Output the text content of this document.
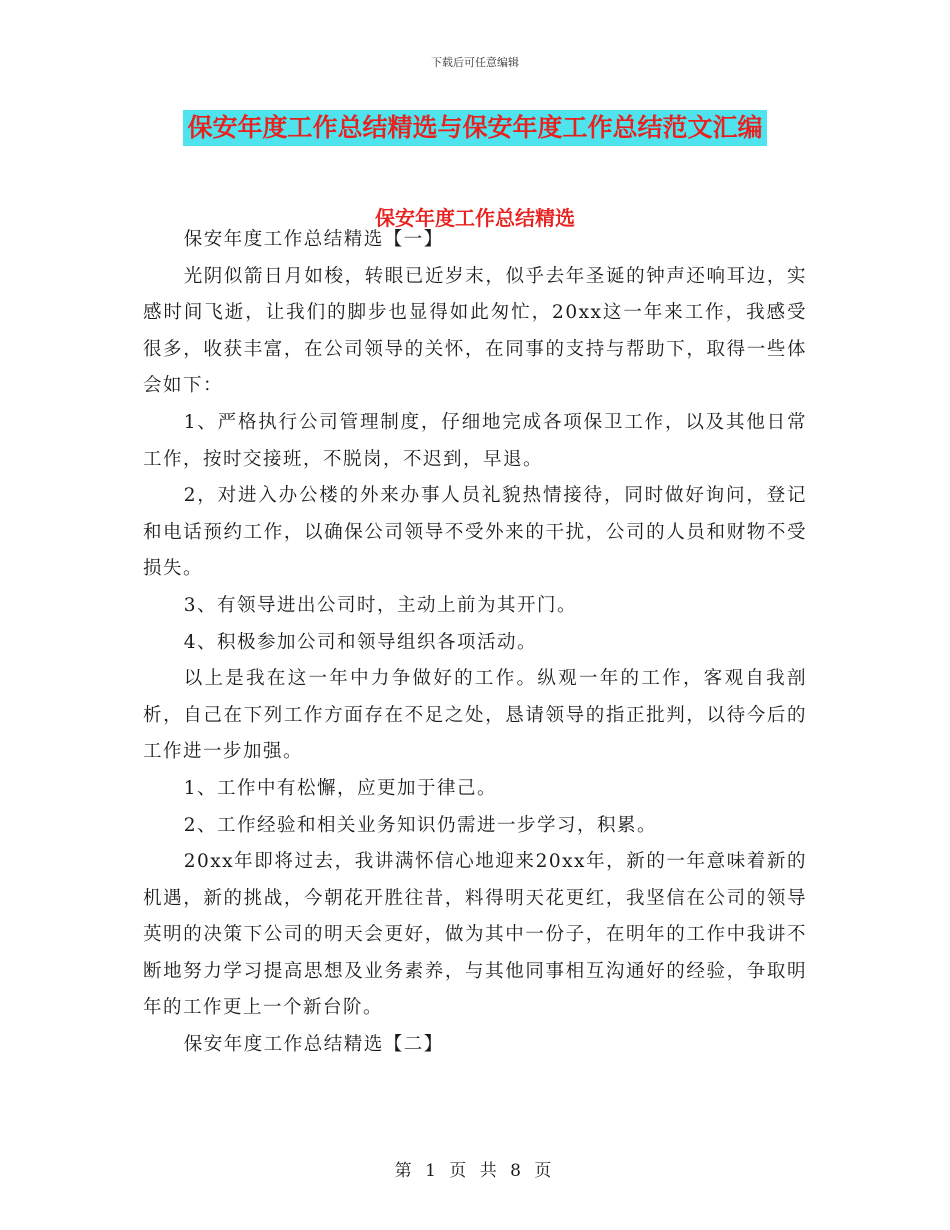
下载后可任意编辑
保安年度工作总结精选与保安年度工作总结范文汇编
保安年度工作总结精选

保安年度工作总结精选【一】

光阴似箭日月如梭，转眼已近岁末，似乎去年圣诞的钟声还响耳边，实感时间飞逝，让我们的脚步也显得如此匆忙，20xx这一年来工作，我感受很多，收获丰富，在公司领导的关怀，在同事的支持与帮助下，取得一些体会如下：

1、严格执行公司管理制度，仔细地完成各项保卫工作，以及其他日常工作，按时交接班，不脱岗，不迟到，早退。

2，对进入办公楼的外来办事人员礼貌热情接待，同时做好询问，登记和电话预约工作，以确保公司领导不受外来的干扰，公司的人员和财物不受损失。

3、有领导进出公司时，主动上前为其开门。

4、积极参加公司和领导组织各项活动。

以上是我在这一年中力争做好的工作。纵观一年的工作，客观自我剖析，自己在下列工作方面存在不足之处，恳请领导的指正批判，以待今后的工作进一步加强。

1、工作中有松懈，应更加于律己。

2、工作经验和相关业务知识仍需进一步学习，积累。

20xx年即将过去，我讲满怀信心地迎来20xx年，新的一年意味着新的机遇，新的挑战，今朝花开胜往昔，料得明天花更红，我坚信在公司的领导英明的决策下公司的明天会更好，做为其中一份子，在明年的工作中我讲不断地努力学习提高思想及业务素养，与其他同事相互沟通好的经验，争取明年的工作更上一个新台阶。

保安年度工作总结精选【二】

第 1 页 共 8 页
